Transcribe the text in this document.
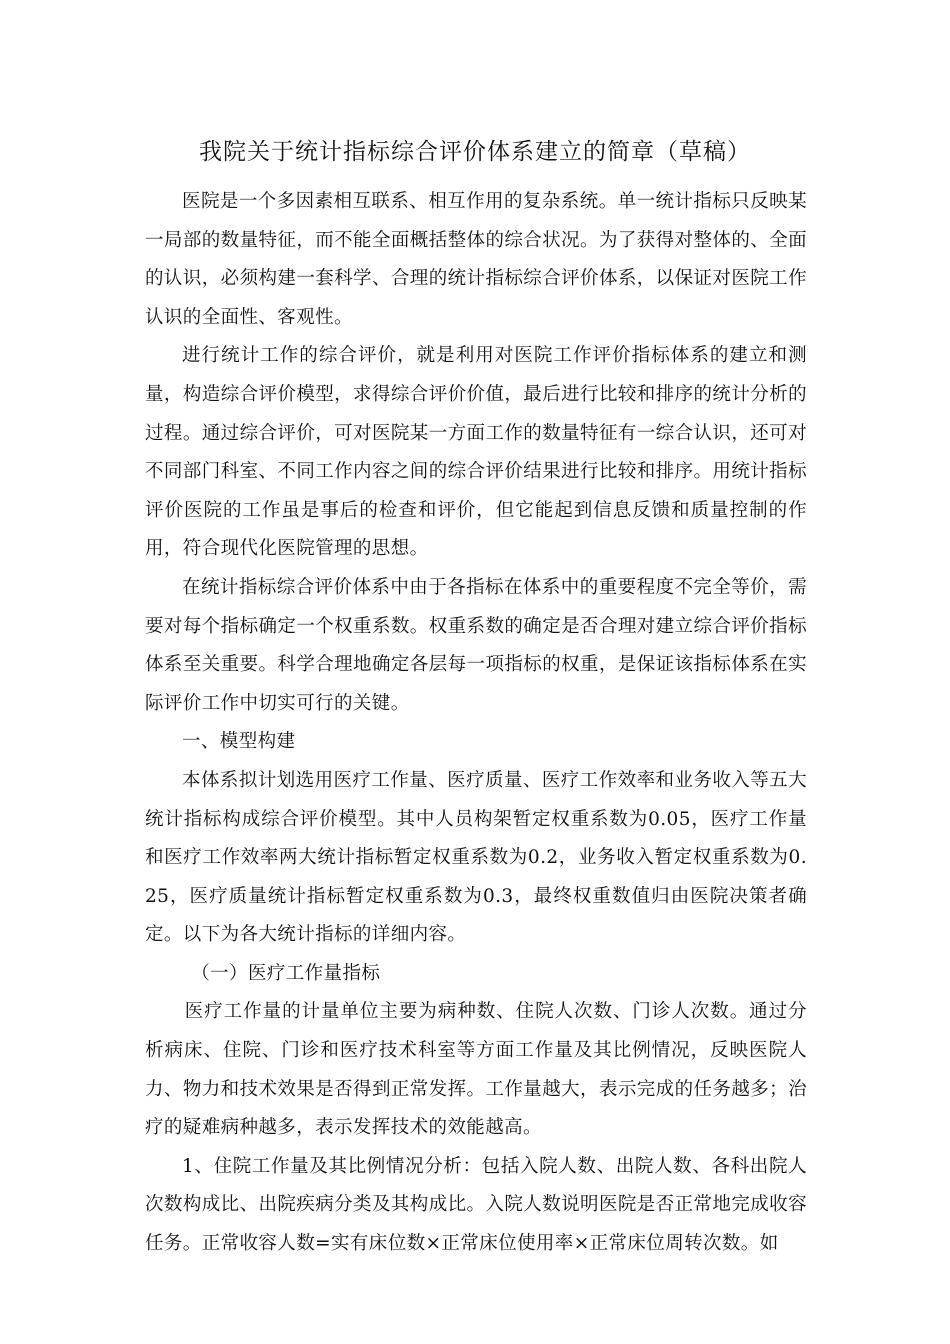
我院关于统计指标综合评价体系建立的简章（草稿）

医院是一个多因素相互联系、相互作用的复杂系统。单一统计指标只反映某一局部的数量特征，而不能全面概括整体的综合状况。为了获得对整体的、全面的认识，必须构建一套科学、合理的统计指标综合评价体系，以保证对医院工作认识的全面性、客观性。

进行统计工作的综合评价，就是利用对医院工作评价指标体系的建立和测量，构造综合评价模型，求得综合评价价值，最后进行比较和排序的统计分析的过程。通过综合评价，可对医院某一方面工作的数量特征有一综合认识，还可对不同部门科室、不同工作内容之间的综合评价结果进行比较和排序。用统计指标评价医院的工作虽是事后的检查和评价，但它能起到信息反馈和质量控制的作用，符合现代化医院管理的思想。

在统计指标综合评价体系中由于各指标在体系中的重要程度不完全等价，需要对每个指标确定一个权重系数。权重系数的确定是否合理对建立综合评价指标体系至关重要。科学合理地确定各层每一项指标的权重，是保证该指标体系在实际评价工作中切实可行的关键。

一、模型构建

本体系拟计划选用医疗工作量、医疗质量、医疗工作效率和业务收入等五大统计指标构成综合评价模型。其中人员构架暂定权重系数为0.05，医疗工作量和医疗工作效率两大统计指标暂定权重系数为0.2，业务收入暂定权重系数为0.25，医疗质量统计指标暂定权重系数为0.3，最终权重数值归由医院决策者确定。以下为各大统计指标的详细内容。

（一）医疗工作量指标

医疗工作量的计量单位主要为病种数、住院人次数、门诊人次数。通过分析病床、住院、门诊和医疗技术科室等方面工作量及其比例情况，反映医院人力、物力和技术效果是否得到正常发挥。工作量越大，表示完成的任务越多；治疗的疑难病种越多，表示发挥技术的效能越高。

1、住院工作量及其比例情况分析：包括入院人数、出院人数、各科出院人次数构成比、出院疾病分类及其构成比。入院人数说明医院是否正常地完成收容任务。正常收容人数=实有床位数×正常床位使用率×正常床位周转次数。如
